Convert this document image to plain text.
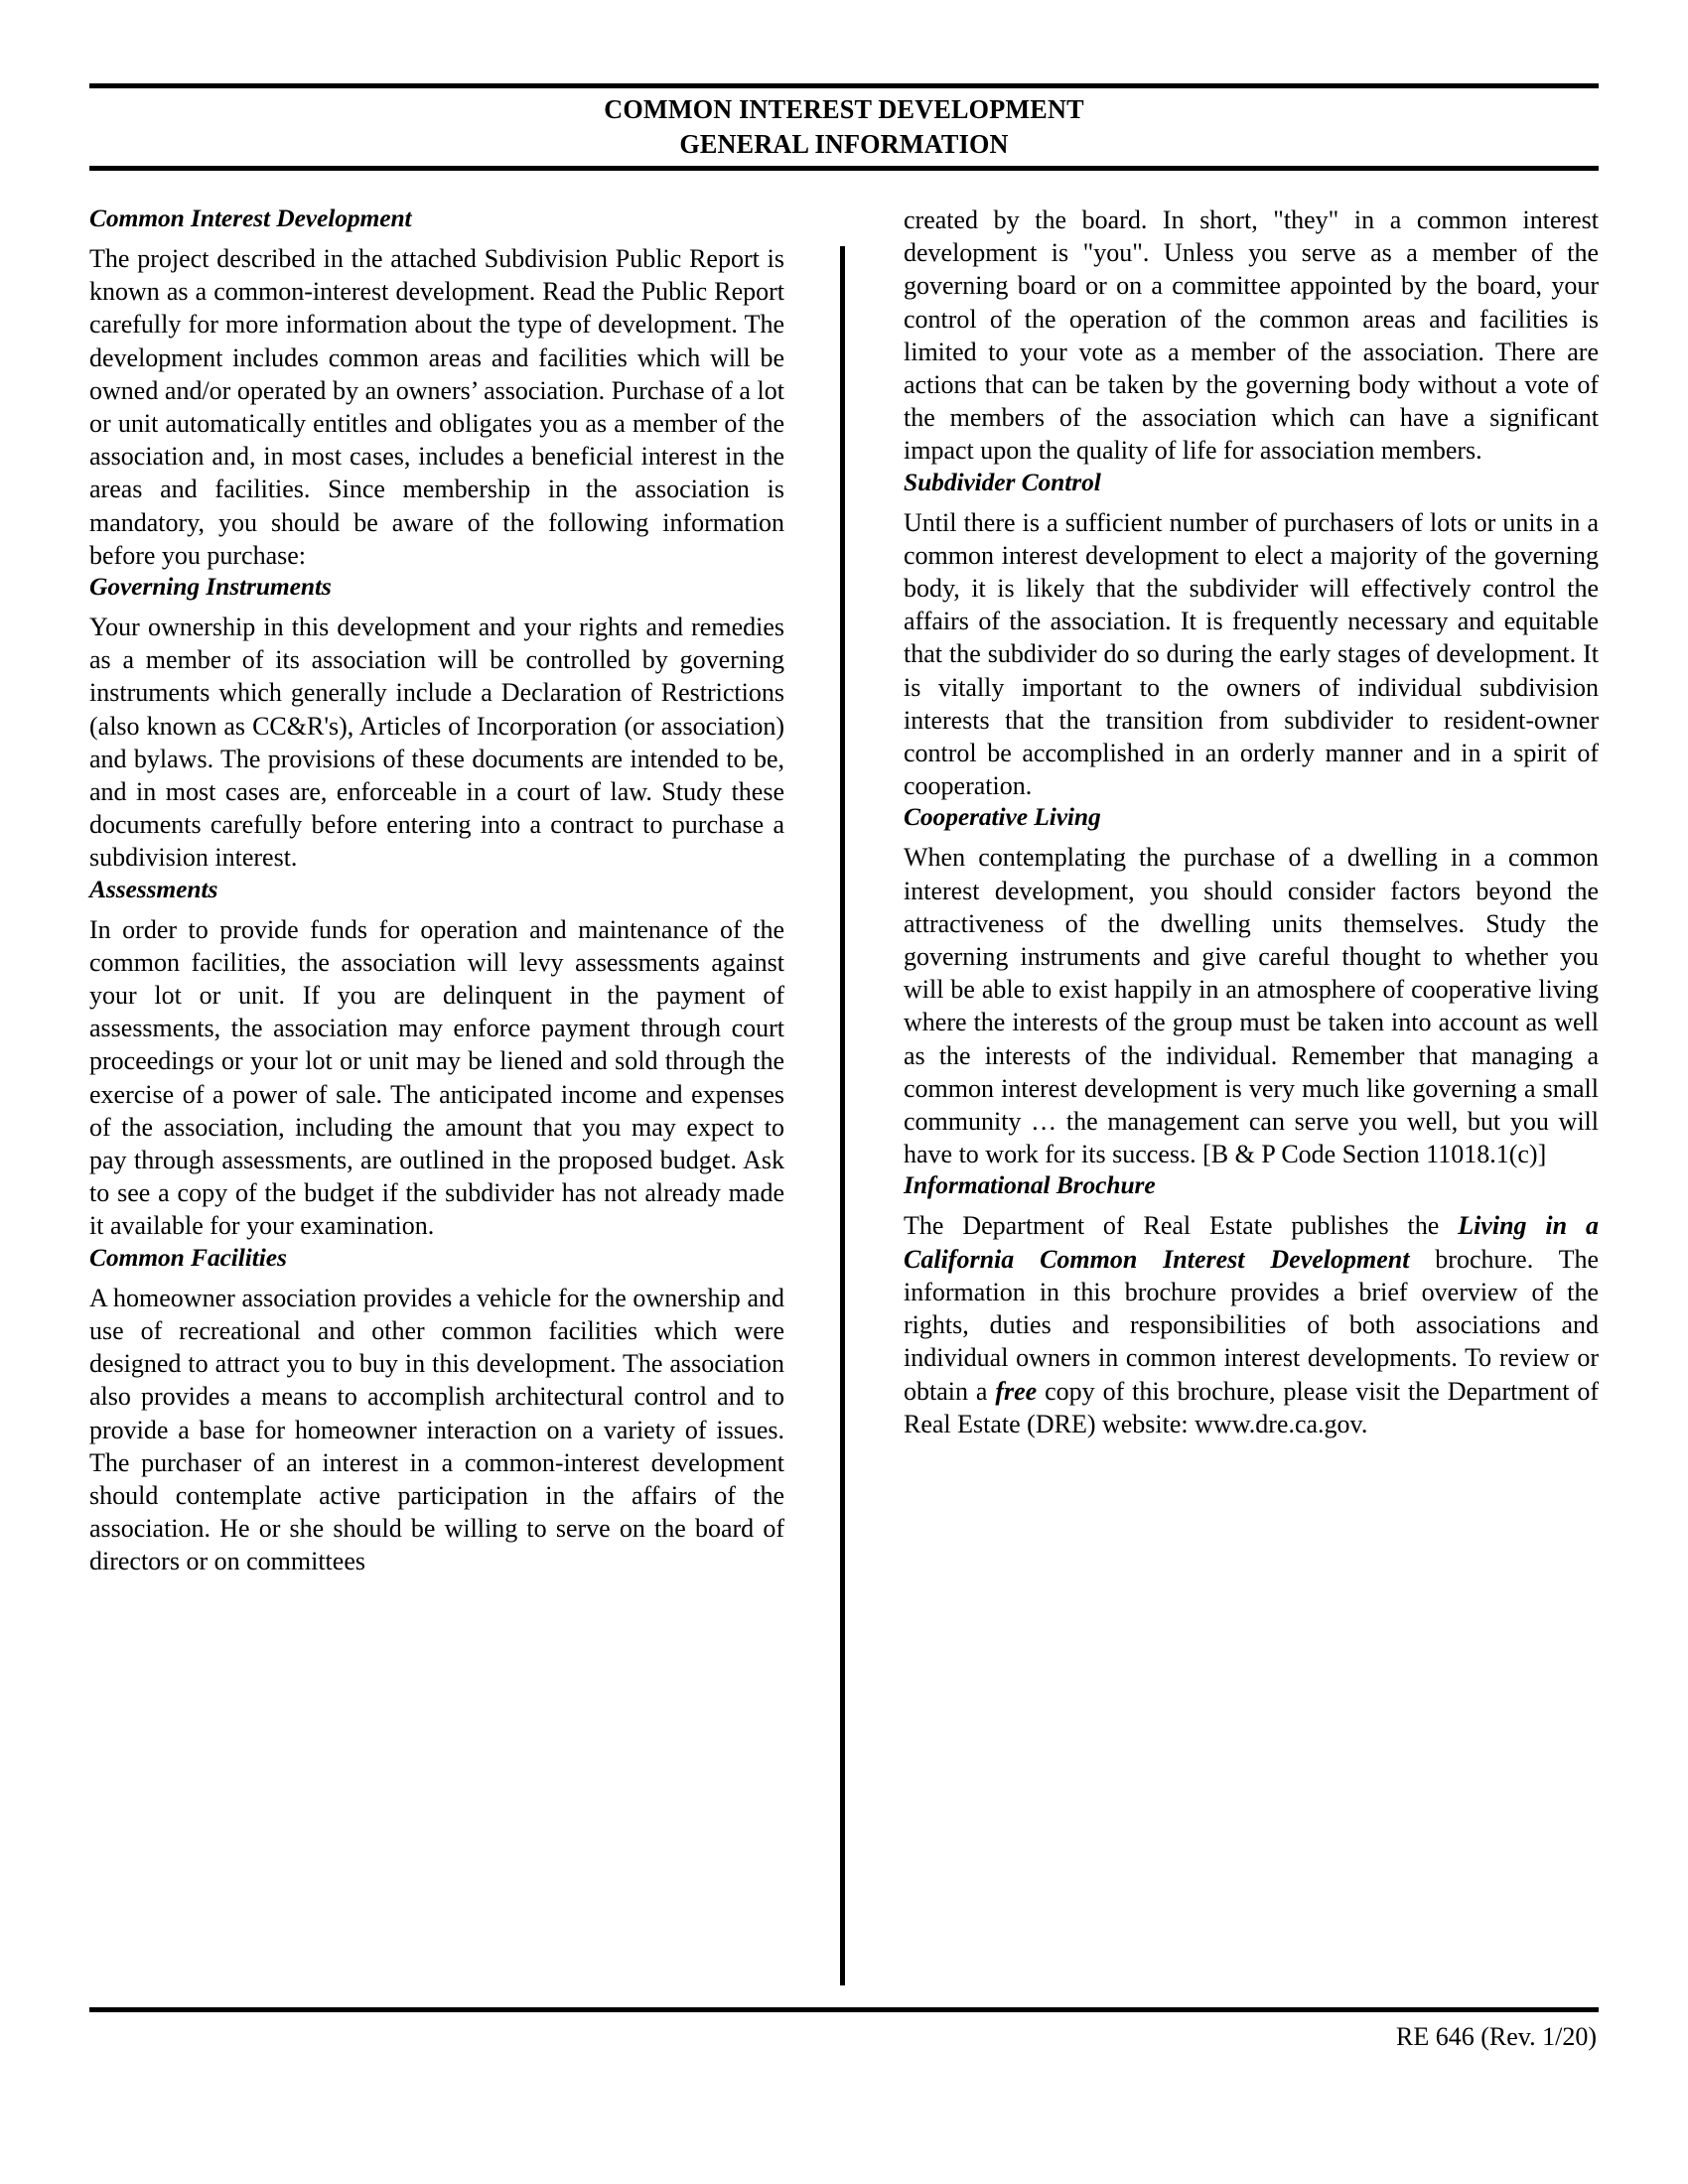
COMMON INTEREST DEVELOPMENT
GENERAL INFORMATION
Common Interest Development

The project described in the attached Subdivision Public Report is known as a common-interest development. Read the Public Report carefully for more information about the type of development. The development includes common areas and facilities which will be owned and/or operated by an owners’ association. Purchase of a lot or unit automatically entitles and obligates you as a member of the association and, in most cases, includes a beneficial interest in the areas and facilities. Since membership in the association is mandatory, you should be aware of the following information before you purchase:

Governing Instruments

Your ownership in this development and your rights and remedies as a member of its association will be controlled by governing instruments which generally include a Declaration of Restrictions (also known as CC&R's), Articles of Incorporation (or association) and bylaws. The provisions of these documents are intended to be, and in most cases are, enforceable in a court of law. Study these documents carefully before entering into a contract to purchase a subdivision interest.

Assessments

In order to provide funds for operation and maintenance of the common facilities, the association will levy assessments against your lot or unit. If you are delinquent in the payment of assessments, the association may enforce payment through court proceedings or your lot or unit may be liened and sold through the exercise of a power of sale. The anticipated income and expenses of the association, including the amount that you may expect to pay through assessments, are outlined in the proposed budget. Ask to see a copy of the budget if the subdivider has not already made it available for your examination.

Common Facilities

A homeowner association provides a vehicle for the ownership and use of recreational and other common facilities which were designed to attract you to buy in this development. The association also provides a means to accomplish architectural control and to provide a base for homeowner interaction on a variety of issues. The purchaser of an interest in a common-interest development should contemplate active participation in the affairs of the association. He or she should be willing to serve on the board of directors or on committees

created by the board. In short, "they" in a common interest development is "you". Unless you serve as a member of the governing board or on a committee appointed by the board, your control of the operation of the common areas and facilities is limited to your vote as a member of the association. There are actions that can be taken by the governing body without a vote of the members of the association which can have a significant impact upon the quality of life for association members.

Subdivider Control

Until there is a sufficient number of purchasers of lots or units in a common interest development to elect a majority of the governing body, it is likely that the subdivider will effectively control the affairs of the association. It is frequently necessary and equitable that the subdivider do so during the early stages of development. It is vitally important to the owners of individual subdivision interests that the transition from subdivider to resident-owner control be accomplished in an orderly manner and in a spirit of cooperation.

Cooperative Living

When contemplating the purchase of a dwelling in a common interest development, you should consider factors beyond the attractiveness of the dwelling units themselves. Study the governing instruments and give careful thought to whether you will be able to exist happily in an atmosphere of cooperative living where the interests of the group must be taken into account as well as the interests of the individual. Remember that managing a common interest development is very much like governing a small community … the management can serve you well, but you will have to work for its success. [B & P Code Section 11018.1(c)]

Informational Brochure

The Department of Real Estate publishes the Living in a California Common Interest Development brochure. The information in this brochure provides a brief overview of the rights, duties and responsibilities of both associations and individual owners in common interest developments. To review or obtain a free copy of this brochure, please visit the Department of Real Estate (DRE) website: www.dre.ca.gov.

RE 646 (Rev. 1/20)
